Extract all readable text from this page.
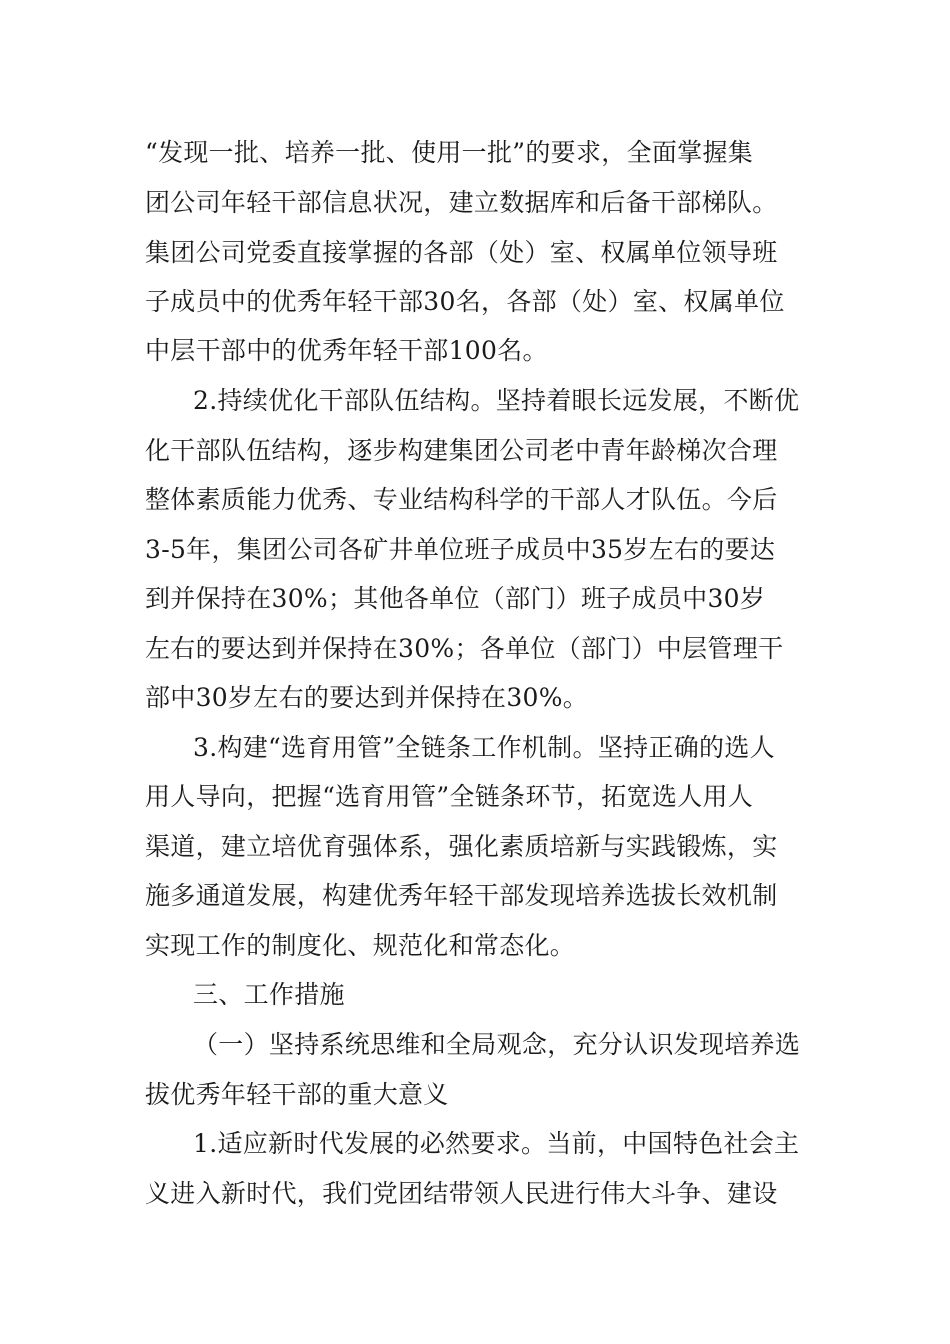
“发现一批、培养一批、使用一批”的要求，全面掌握集
团公司年轻干部信息状况，建立数据库和后备干部梯队。
集团公司党委直接掌握的各部（处）室、权属单位领导班
子成员中的优秀年轻干部30名，各部（处）室、权属单位
中层干部中的优秀年轻干部100名。
2.持续优化干部队伍结构。坚持着眼长远发展，不断优
化干部队伍结构，逐步构建集团公司老中青年龄梯次合理
整体素质能力优秀、专业结构科学的干部人才队伍。今后
3-5年，集团公司各矿井单位班子成员中35岁左右的要达
到并保持在30%；其他各单位（部门）班子成员中30岁
左右的要达到并保持在30%；各单位（部门）中层管理干
部中30岁左右的要达到并保持在30%。
3.构建“选育用管”全链条工作机制。坚持正确的选人
用人导向，把握“选育用管”全链条环节，拓宽选人用人
渠道，建立培优育强体系，强化素质培新与实践锻炼，实
施多通道发展，构建优秀年轻干部发现培养选拔长效机制
实现工作的制度化、规范化和常态化。
三、工作措施
（一）坚持系统思维和全局观念，充分认识发现培养选
拔优秀年轻干部的重大意义
1.适应新时代发展的必然要求。当前，中国特色社会主
义进入新时代，我们党团结带领人民进行伟大斗争、建设
